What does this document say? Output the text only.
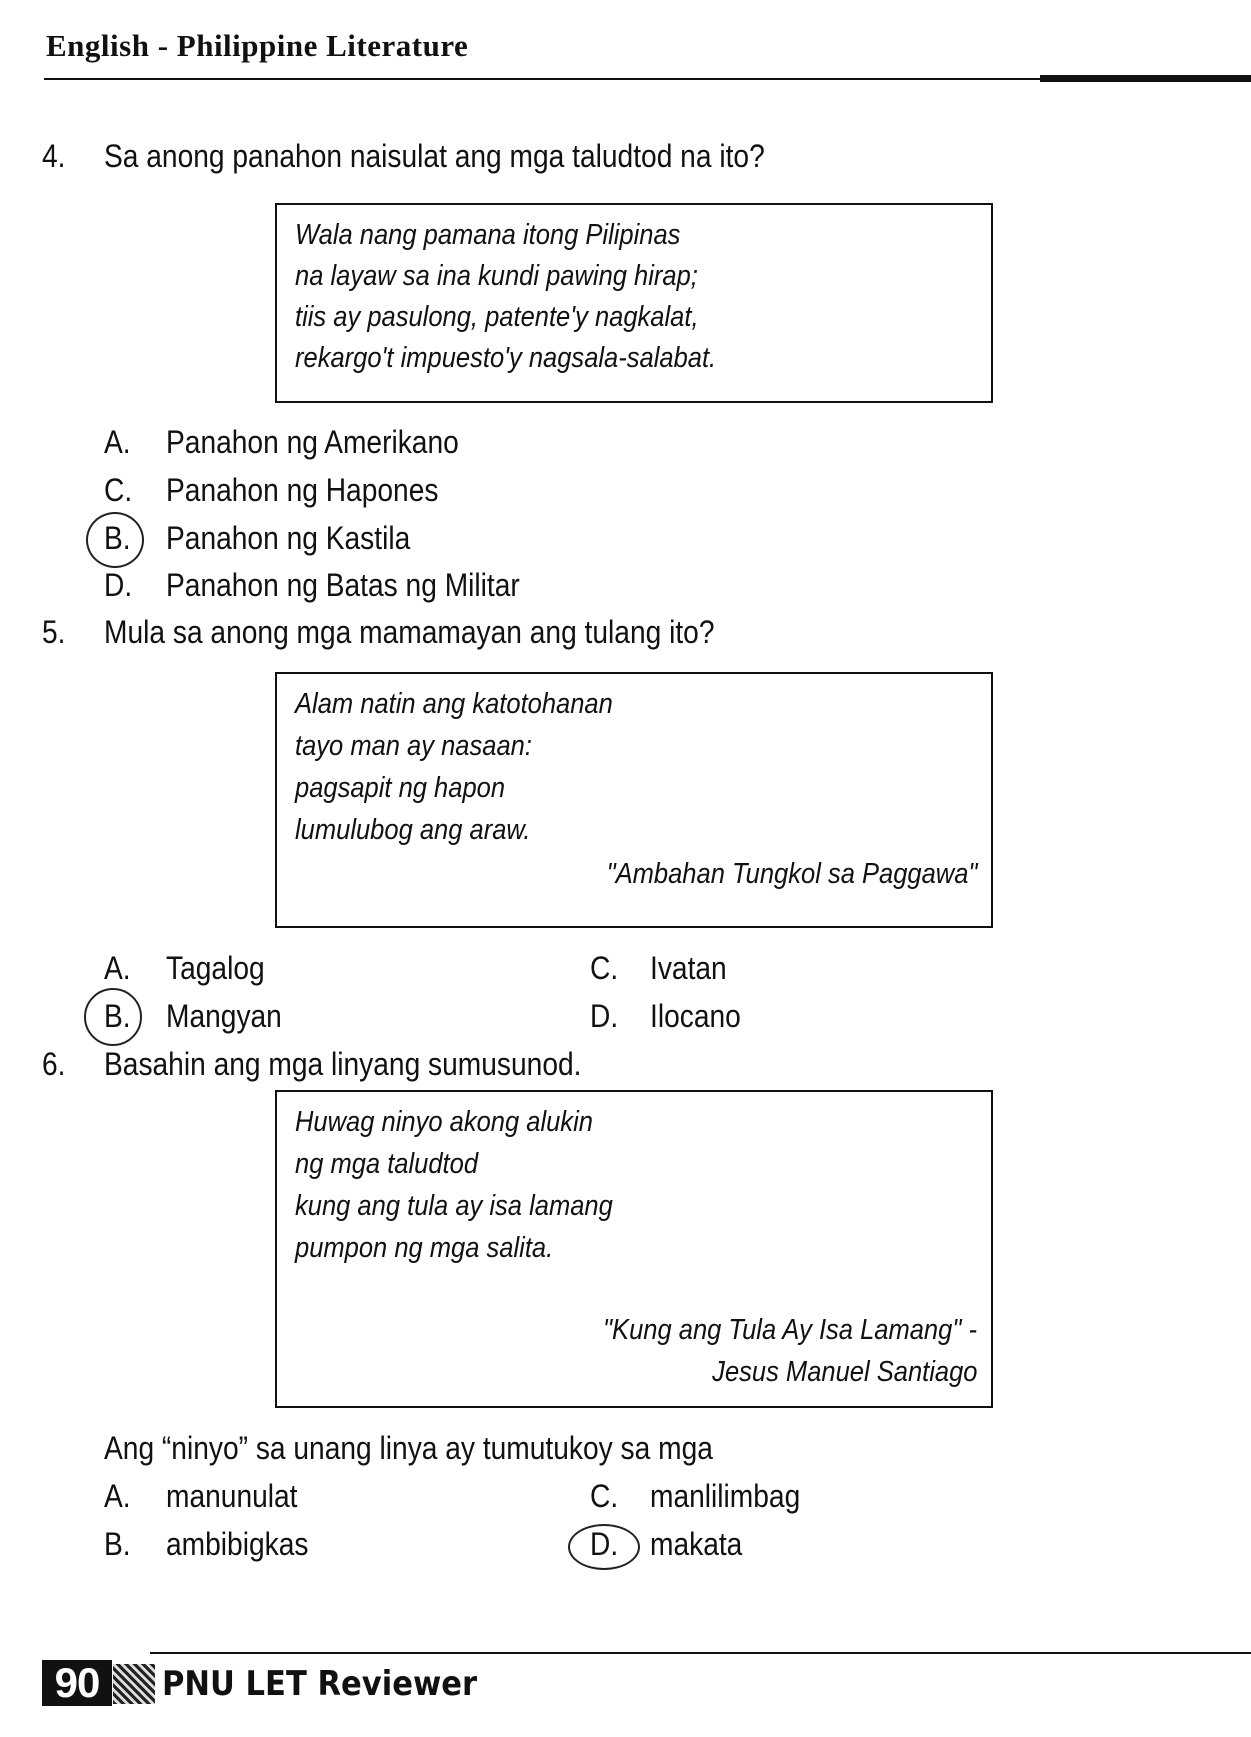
English - Philippine Literature
4. Sa anong panahon naisulat ang mga taludtod na ito?
Wala nang pamana itong Pilipinas
na layaw sa ina kundi pawing hirap;
tiis ay pasulong, patente'y nagkalat,
rekargo't impuesto'y nagsala-salabat.
A. Panahon ng Amerikano
C. Panahon ng Hapones
B. Panahon ng Kastila
D. Panahon ng Batas ng Militar
5. Mula sa anong mga mamamayan ang tulang ito?
Alam natin ang katotohanan
tayo man ay nasaan:
pagsapit ng hapon
lumulubog ang araw.
"Ambahan Tungkol sa Paggawa"
A. Tagalog	C. Ivatan
B. Mangyan	D. Ilocano
6. Basahin ang mga linyang sumusunod.
Huwag ninyo akong alukin
ng mga taludtod
kung ang tula ay isa lamang
pumpon ng mga salita.
"Kung ang Tula Ay Isa Lamang" -
Jesus Manuel Santiago
Ang “ninyo” sa unang linya ay tumutukoy sa mga
A. manunulat	C. manlilimbag
B. ambibigkas	D. makata
90	PNU LET Reviewer
